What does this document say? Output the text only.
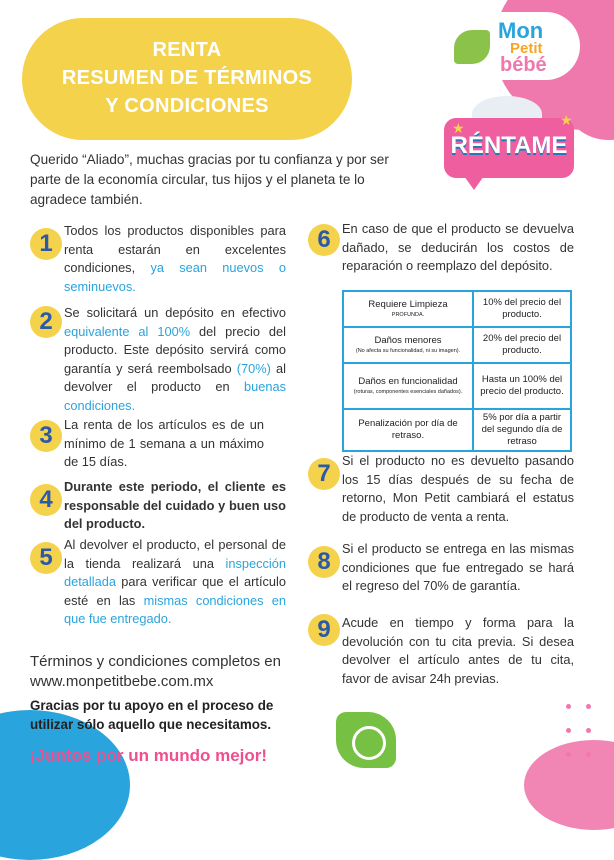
RENTA
RESUMEN DE TÉRMINOS
Y CONDICIONES
Mon
Petit
bébé
RÉNTAME
★	★
Querido “Aliado”, muchas gracias por tu confianza y por ser parte de la economía circular, tus hijos y el planeta te lo agradece también.
1 Todos los productos disponibles para renta estarán en excelentes condiciones, ya sean nuevos o seminuevos.
2 Se solicitará un depósito en efectivo equivalente al 100% del precio del producto. Este depósito servirá como garantía y será reembolsado (70%) al devolver el producto en buenas condiciones.
3 La renta de los artículos es de un mínimo de 1 semana a un máximo de 15 días.
4 Durante este periodo, el cliente es responsable del cuidado y buen uso del producto.
5 Al devolver el producto, el personal de la tienda realizará una inspección detallada para verificar que el artículo esté en las mismas condiciones en que fue entregado.
6 En caso de que el producto se devuelva dañado, se deducirán los costos de reparación o reemplazo del depósito.
Requiere Limpieza
PROFUNDA.	10% del precio del producto.
Daños menores
(No afecta su funcionalidad, ni su imagen).	20% del precio del producto.
Daños en funcionalidad
(roturas, componentes esenciales dañados).	Hasta un 100% del precio del producto.
Penalización por día de retraso.	5% por día a partir del segundo día de retraso
7 Si el producto no es devuelto pasando los 15 días después de su fecha de retorno, Mon Petit cambiará el estatus de producto de venta a renta.
8 Si el producto se entrega en las mismas condiciones que fue entregado se hará el regreso del 70% de garantía.
9 Acude en tiempo y forma para la devolución con tu cita previa. Si desea devolver el artículo antes de tu cita, favor de avisar 24h previas.
Términos y condiciones completos en
www.monpetitbebe.com.mx
Gracias por tu apoyo en el proceso de utilizar sólo aquello que necesitamos.
¡Juntos por un mundo mejor!
